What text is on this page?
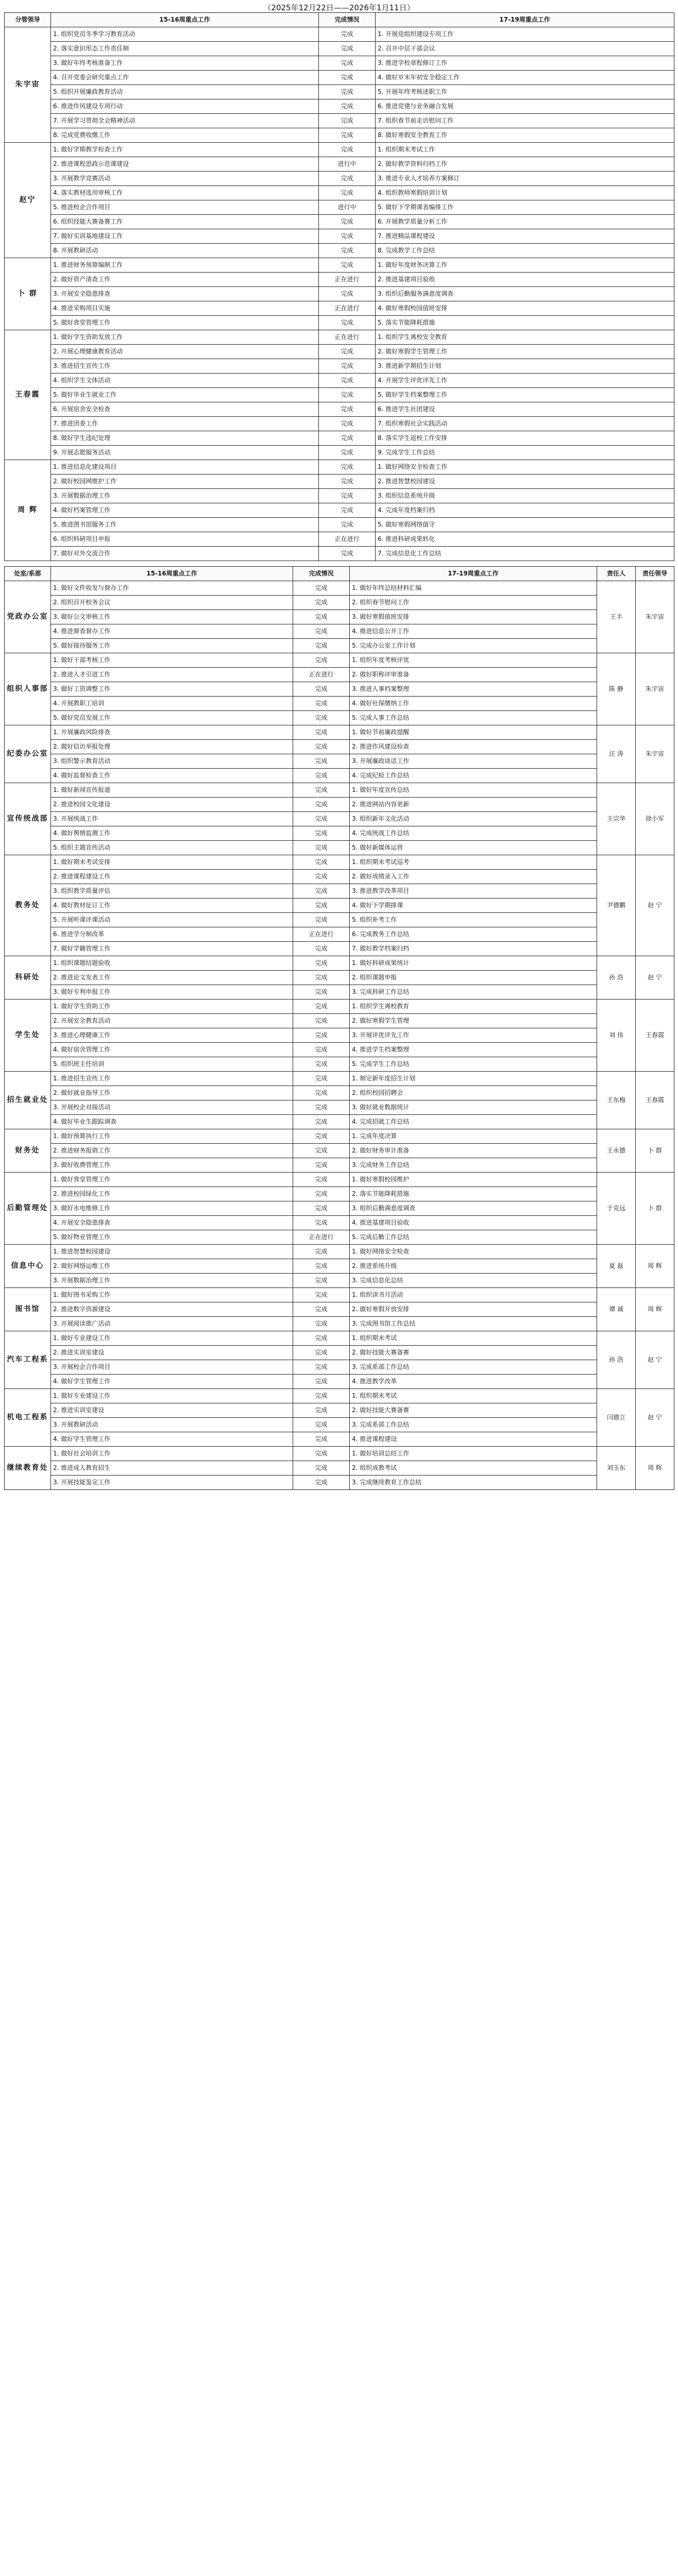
（2025年12月22日——2026年1月11日）
分管领导	15-16周重点工作	完成情况	17-19周重点工作
朱宇宙	1. 组织党员冬季学习教育活动	完成	1. 开展党组织建设专项工作
	2. 落实意识形态工作责任制	完成	2. 召开中层干部会议
	3. 做好年终考核准备工作	完成	3. 推进学校章程修订工作
	4. 召开党委会研究重点工作	完成	4. 做好岁末年初安全稳定工作
	5. 组织开展廉政教育活动	完成	5. 开展年终考核述职工作
	6. 推进作风建设专项行动	完成	6. 推进党建与业务融合发展
	7. 开展学习贯彻全会精神活动	完成	7. 组织春节前走访慰问工作
	8. 完成党费收缴工作	完成	8. 做好寒假安全教育工作
赵宁	1. 做好学期教学检查工作	完成	1. 组织期末考试工作
	2. 推进课程思政示范课建设	进行中	2. 做好教学资料归档工作
	3. 开展教学竞赛活动	完成	3. 推进专业人才培养方案修订
	4. 落实教材选用审核工作	完成	4. 组织教师寒假培训计划
	5. 推进校企合作项目	进行中	5. 做好下学期课表编排工作
	6. 组织技能大赛备赛工作	完成	6. 开展教学质量分析工作
	7. 做好实训基地建设工作	完成	7. 推进精品课程建设
	8. 开展教研活动	完成	8. 完成教学工作总结
卜 群	1. 推进财务预算编制工作	完成	1. 做好年度财务决算工作
	2. 做好资产清查工作	正在进行	2. 推进基建项目验收
	3. 开展安全隐患排查	完成	3. 组织后勤服务满意度调查
	4. 推进采购项目实施	正在进行	4. 做好寒假校园值班安排
	5. 做好食堂管理工作	完成	5. 落实节能降耗措施
王春霞	1. 做好学生资助发放工作	正在进行	1. 组织学生离校安全教育
	2. 开展心理健康教育活动	完成	2. 做好寒假学生管理工作
	3. 推进招生宣传工作	完成	3. 推进新学期招生计划
	4. 组织学生文体活动	完成	4. 开展学生评优评先工作
	5. 做好毕业生就业工作	完成	5. 做好学生档案整理工作
	6. 开展宿舍安全检查	完成	6. 推进学生社团建设
	7. 推进团委工作	完成	7. 组织寒假社会实践活动
	8. 做好学生违纪处理	完成	8. 落实学生返校工作安排
	9. 开展志愿服务活动	完成	9. 完成学生工作总结
周 辉	1. 推进信息化建设项目	完成	1. 做好网络安全检查工作
	2. 做好校园网维护工作	完成	2. 推进智慧校园建设
	3. 开展数据治理工作	完成	3. 组织信息系统升级
	4. 做好档案管理工作	完成	4. 完成年度档案归档
	5. 推进图书馆服务工作	完成	5. 做好寒假网络值守
	6. 组织科研项目申报	正在进行	6. 推进科研成果转化
	7. 做好对外交流合作	完成	7. 完成信息化工作总结
处室/系部	15-16周重点工作	完成情况	17-19周重点工作	责任人	责任领导
党政办公室	1. 做好文件收发与督办工作	完成	1. 做好年终总结材料汇编	王丰	朱宇宙
	2. 组织召开校务会议	完成	2. 组织春节慰问工作		
	3. 做好公文审核工作	完成	3. 做好寒假值班安排		
	4. 推进督查督办工作	完成	4. 推进信息公开工作		
	5. 做好接待服务工作	完成	5. 完成办公室工作计划		
组织人事部	1. 做好干部考核工作	完成	1. 组织年度考核评优	陈 静	朱宇宙
	2. 推进人才引进工作	正在进行	2. 做好职称评审准备		
	3. 做好工资调整工作	完成	3. 推进人事档案整理		
	4. 开展教职工培训	完成	4. 做好社保缴纳工作		
	5. 做好党员发展工作	完成	5. 完成人事工作总结		
纪委办公室	1. 开展廉政风险排查	完成	1. 做好节前廉政提醒	汪 涛	朱宇宙
	2. 做好信访举报处理	完成	2. 推进作风建设检查		
	3. 组织警示教育活动	完成	3. 开展廉政谈话工作		
	4. 做好监督检查工作	完成	4. 完成纪检工作总结		
宣传统战部	1. 做好新闻宣传报道	完成	1. 做好年度宣传总结	王宗华	徐小军
	2. 推进校园文化建设	完成	2. 推进网站内容更新		
	3. 开展统战工作	完成	3. 组织新年文化活动		
	4. 做好舆情监测工作	完成	4. 完成统战工作总结		
	5. 组织主题宣传活动	完成	5. 做好新媒体运营		
教务处	1. 做好期末考试安排	完成	1. 组织期末考试巡考	尹德鹏	赵 宁
	2. 推进课程建设工作	完成	2. 做好成绩录入工作		
	3. 组织教学质量评估	完成	3. 推进教学改革项目		
	4. 做好教材征订工作	完成	4. 做好下学期排课		
	5. 开展听课评课活动	完成	5. 组织补考工作		
	6. 推进学分制改革	正在进行	6. 完成教务工作总结		
	7. 做好学籍管理工作	完成	7. 做好教学档案归档		
科研处	1. 组织课题结题验收	完成	1. 做好科研成果统计	孙 浩	赵 宁
	2. 推进论文发表工作	完成	2. 组织课题申报		
	3. 做好专利申报工作	完成	3. 完成科研工作总结		
学生处	1. 做好学生资助工作	完成	1. 组织学生离校教育	刘 伟	王春霞
	2. 开展安全教育活动	完成	2. 做好寒假学生管理		
	3. 推进心理健康工作	完成	3. 开展评优评先工作		
	4. 做好宿舍管理工作	完成	4. 推进学生档案整理		
	5. 组织班主任培训	完成	5. 完成学生工作总结		
招生就业处	1. 推进招生宣传工作	完成	1. 制定新年度招生计划	王东梅	王春霞
	2. 做好就业指导工作	完成	2. 组织校园招聘会		
	3. 开展校企对接活动	完成	3. 做好就业数据统计		
	4. 做好毕业生跟踪调查	完成	4. 完成招就工作总结		
财务处	1. 做好预算执行工作	完成	1. 完成年度决算	王永德	卜 群
	2. 推进财务报销工作	完成	2. 做好财务审计准备		
	3. 做好收费管理工作	完成	3. 完成财务工作总结		
后勤管理处	1. 做好食堂管理工作	完成	1. 做好寒假校园维护	于克远	卜 群
	2. 推进校园绿化工作	完成	2. 落实节能降耗措施		
	3. 做好水电维修工作	完成	3. 组织后勤满意度调查		
	4. 开展安全隐患排查	完成	4. 推进基建项目验收		
	5. 做好物业管理工作	正在进行	5. 完成后勤工作总结		
信息中心	1. 推进智慧校园建设	完成	1. 做好网络安全检查	夏 磊	周 辉
	2. 做好网络运维工作	完成	2. 推进系统升级		
	3. 开展数据治理工作	完成	3. 完成信息化总结		
图书馆	1. 做好图书采购工作	完成	1. 组织读书月活动	谭 诚	周 辉
	2. 推进数字资源建设	完成	2. 做好寒假开放安排		
	3. 开展阅读推广活动	完成	3. 完成图书馆工作总结		
汽车工程系	1. 做好专业建设工作	完成	1. 组织期末考试	孙 浩	赵 宁
	2. 推进实训室建设	完成	2. 做好技能大赛备赛		
	3. 开展校企合作项目	完成	3. 完成系部工作总结		
	4. 做好学生管理工作	完成	4. 推进教学改革		
机电工程系	1. 做好专业建设工作	完成	1. 组织期末考试	闫德立	赵 宁
	2. 推进实训室建设	完成	2. 做好技能大赛备赛		
	3. 开展教研活动	完成	3. 完成系部工作总结		
	4. 做好学生管理工作	完成	4. 推进课程建设		
继续教育处	1. 做好社会培训工作	完成	1. 做好培训总结工作	刘玉东	周 辉
	2. 推进成人教育招生	完成	2. 组织成教考试		
	3. 开展技能鉴定工作	完成	3. 完成继续教育工作总结		
